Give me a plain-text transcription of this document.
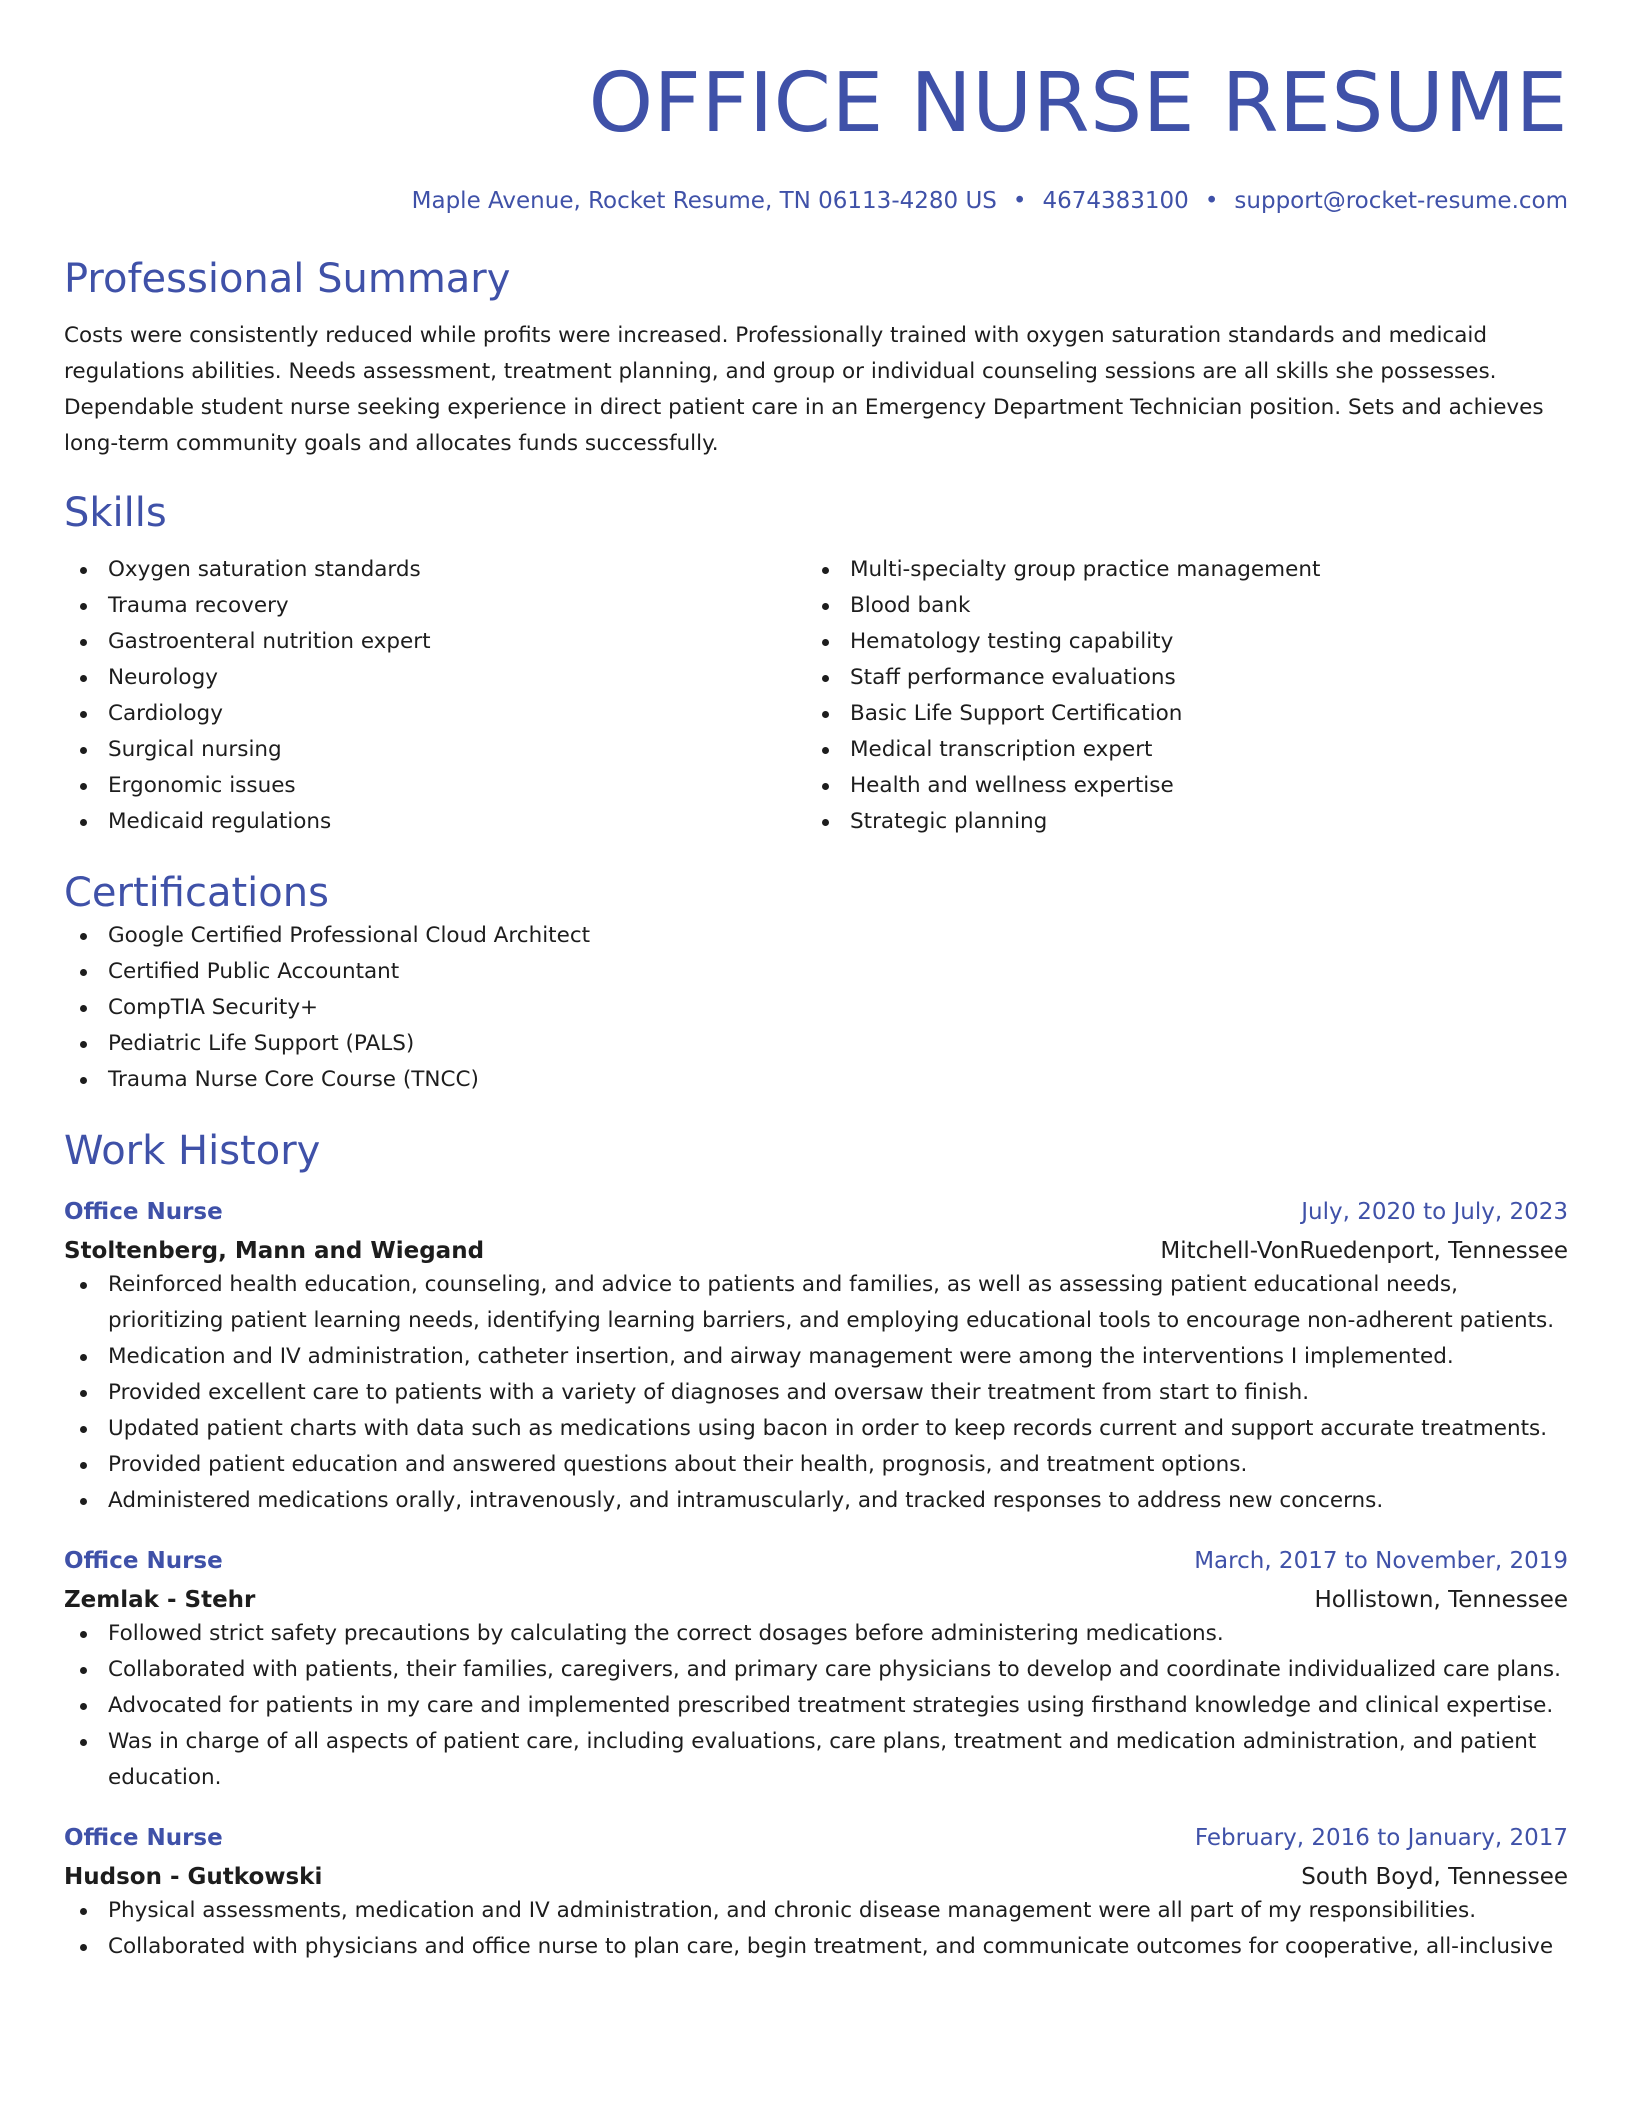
OFFICE NURSE RESUME
Maple Avenue, Rocket Resume, TN 06113-4280 US • 4674383100 • support@rocket-resume.com
Professional Summary
Costs were consistently reduced while profits were increased. Professionally trained with oxygen saturation standards and medicaid regulations abilities. Needs assessment, treatment planning, and group or individual counseling sessions are all skills she possesses. Dependable student nurse seeking experience in direct patient care in an Emergency Department Technician position. Sets and achieves long-term community goals and allocates funds successfully.
Skills
Oxygen saturation standards
Trauma recovery
Gastroenteral nutrition expert
Neurology
Cardiology
Surgical nursing
Ergonomic issues
Medicaid regulations
Multi-specialty group practice management
Blood bank
Hematology testing capability
Staff performance evaluations
Basic Life Support Certification
Medical transcription expert
Health and wellness expertise
Strategic planning
Certifications
Google Certified Professional Cloud Architect
Certified Public Accountant
CompTIA Security+
Pediatric Life Support (PALS)
Trauma Nurse Core Course (TNCC)
Work History
Office Nurse	July, 2020 to July, 2023
Stoltenberg, Mann and Wiegand	Mitchell-VonRuedenport, Tennessee
Reinforced health education, counseling, and advice to patients and families, as well as assessing patient educational needs, prioritizing patient learning needs, identifying learning barriers, and employing educational tools to encourage non-adherent patients.
Medication and IV administration, catheter insertion, and airway management were among the interventions I implemented.
Provided excellent care to patients with a variety of diagnoses and oversaw their treatment from start to finish.
Updated patient charts with data such as medications using bacon in order to keep records current and support accurate treatments.
Provided patient education and answered questions about their health, prognosis, and treatment options.
Administered medications orally, intravenously, and intramuscularly, and tracked responses to address new concerns.
Office Nurse	March, 2017 to November, 2019
Zemlak - Stehr	Hollistown, Tennessee
Followed strict safety precautions by calculating the correct dosages before administering medications.
Collaborated with patients, their families, caregivers, and primary care physicians to develop and coordinate individualized care plans.
Advocated for patients in my care and implemented prescribed treatment strategies using firsthand knowledge and clinical expertise.
Was in charge of all aspects of patient care, including evaluations, care plans, treatment and medication administration, and patient education.
Office Nurse	February, 2016 to January, 2017
Hudson - Gutkowski	South Boyd, Tennessee
Physical assessments, medication and IV administration, and chronic disease management were all part of my responsibilities.
Collaborated with physicians and office nurse to plan care, begin treatment, and communicate outcomes for cooperative, all-inclusive
